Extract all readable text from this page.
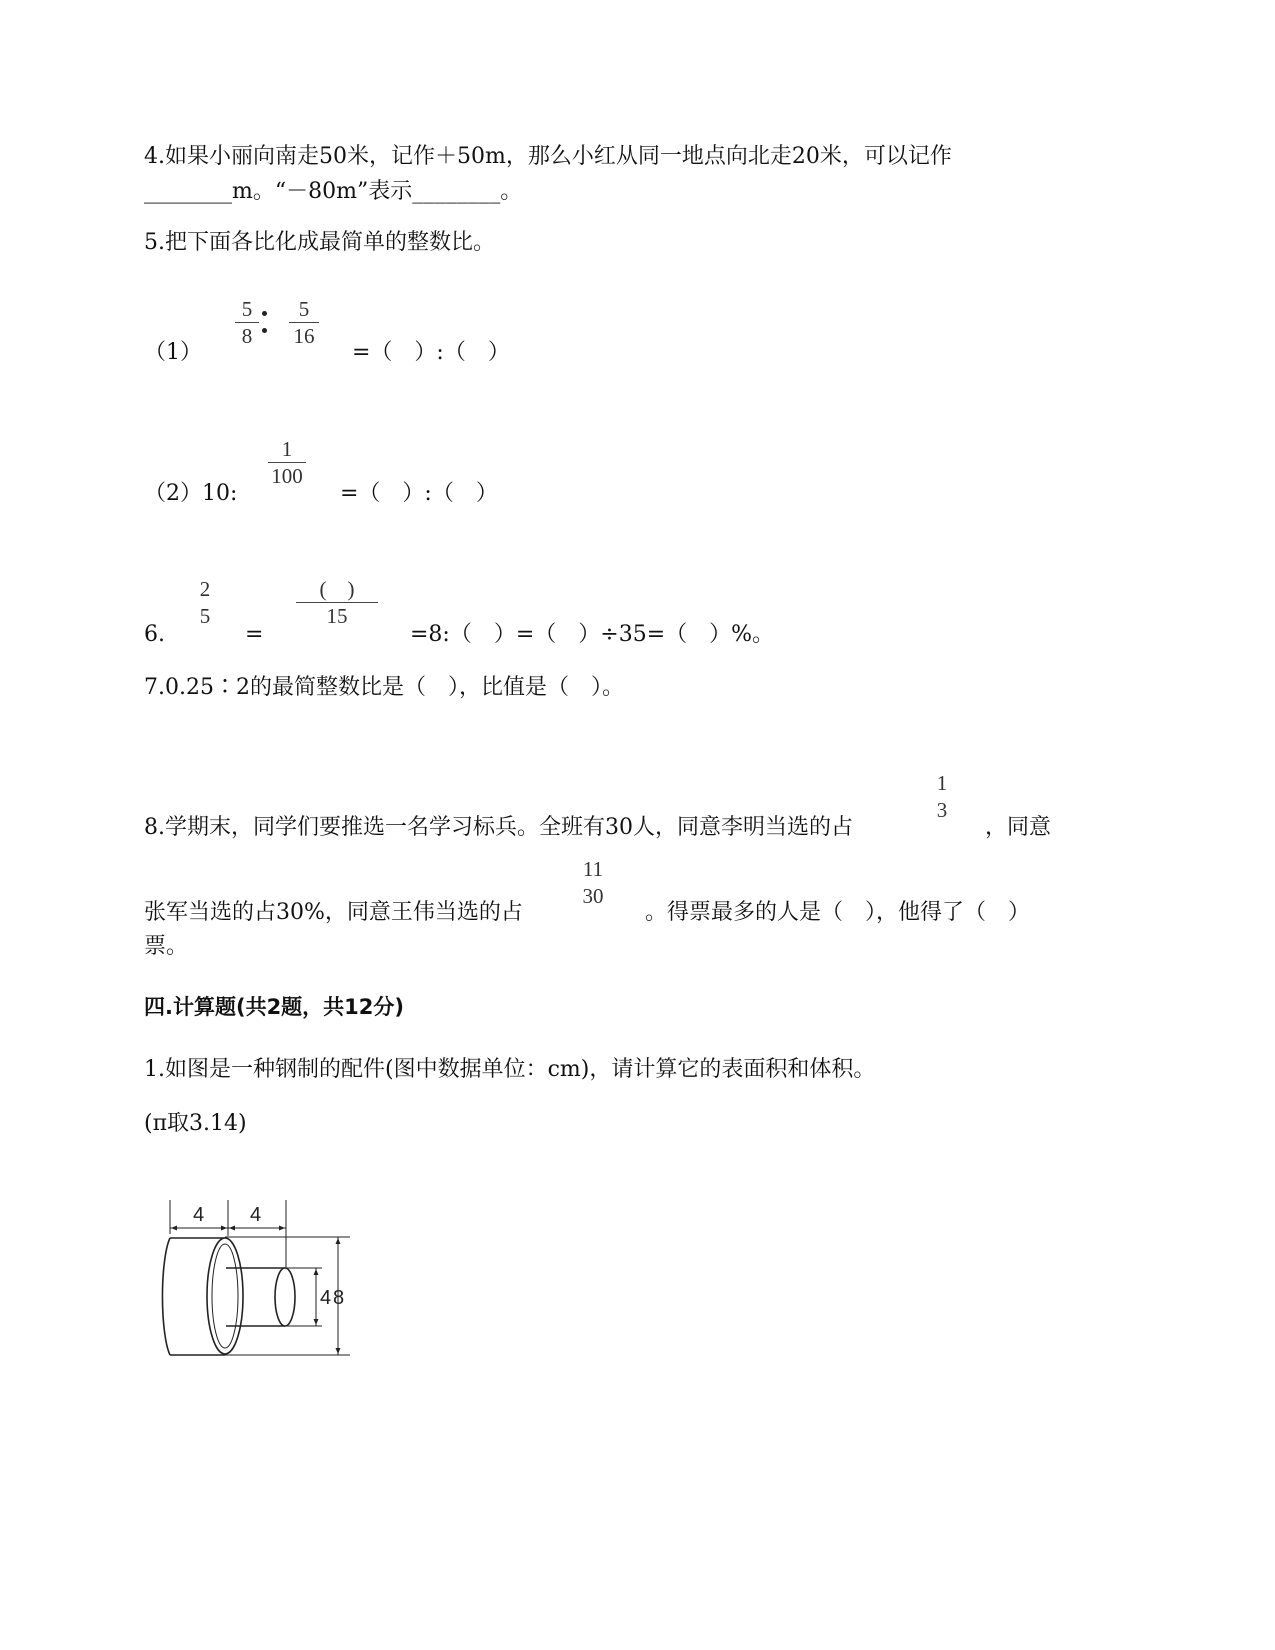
4.如果小丽向南走50米，记作＋50m，那么小红从同一地点向北走20米，可以记作
________m。“－80m”表示________。
5.把下面各比化成最简单的整数比。
（1）
5
8
5
16
=（　）:（　）
（2）10:
1
100
=（　）:（　）
6.
2
5
=
(　)
15
=8:（　）=（　）÷35=（　）%。
7.0.25∶2的最简整数比是（　），比值是（　）。
8.学期末，同学们要推选一名学习标兵。全班有30人，同意李明当选的占
1
3
，同意
张军当选的占30%，同意王伟当选的占
11
30
。得票最多的人是（　），他得了（　）
票。
四.计算题(共2题，共12分)
1.如图是一种钢制的配件(图中数据单位：cm)，请计算它的表面积和体积。
(π取3.14)
4 4
4 8
